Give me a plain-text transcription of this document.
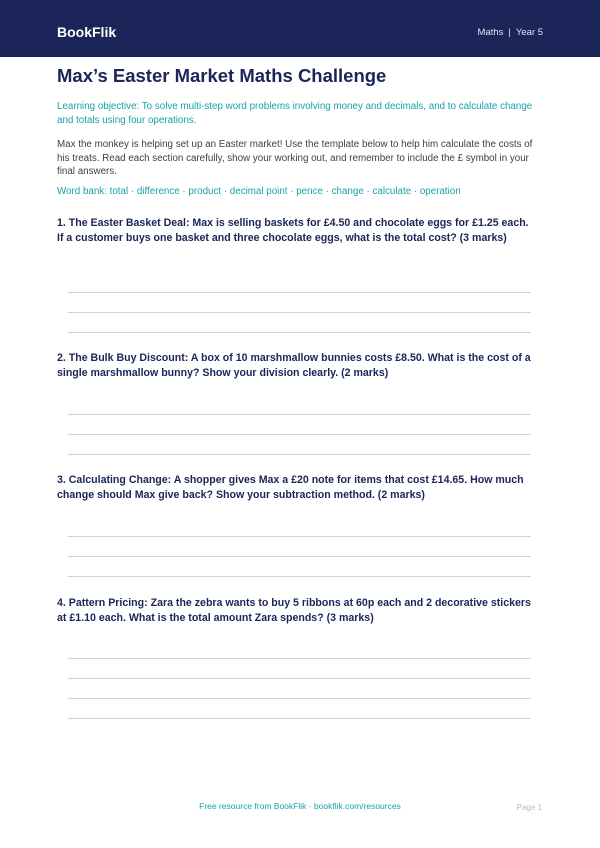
BookFlik	Maths | Year 5
Max’s Easter Market Maths Challenge

Learning objective: To solve multi-step word problems involving money and decimals, and to calculate change and totals using four operations.

Max the monkey is helping set up an Easter market! Use the template below to help him calculate the costs of his treats. Read each section carefully, show your working out, and remember to include the £ symbol in your final answers.

Word bank: total · difference · product · decimal point · pence · change · calculate · operation

1. The Easter Basket Deal: Max is selling baskets for £4.50 and chocolate eggs for £1.25 each. If a customer buys one basket and three chocolate eggs, what is the total cost? (3 marks)

2. The Bulk Buy Discount: A box of 10 marshmallow bunnies costs £8.50. What is the cost of a single marshmallow bunny? Show your division clearly. (2 marks)

3. Calculating Change: A shopper gives Max a £20 note for items that cost £14.65. How much change should Max give back? Show your subtraction method. (2 marks)

4. Pattern Pricing: Zara the zebra wants to buy 5 ribbons at 60p each and 2 decorative stickers at £1.10 each. What is the total amount Zara spends? (3 marks)

Free resource from BookFlik · bookflik.com/resources	Page 1
